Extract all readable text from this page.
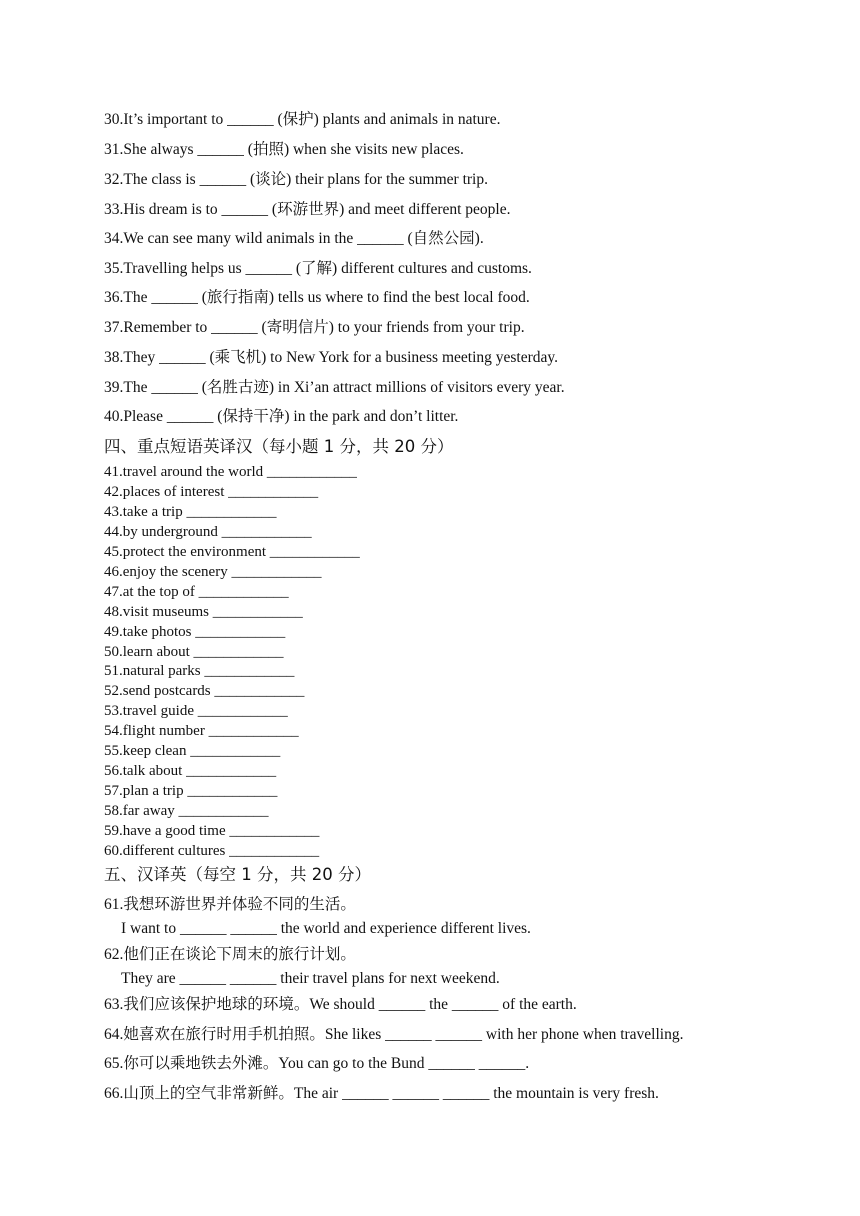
30.It’s important to ______ (保护) plants and animals in nature.
31.She always ______ (拍照) when she visits new places.
32.The class is ______ (谈论) their plans for the summer trip.
33.His dream is to ______ (环游世界) and meet different people.
34.We can see many wild animals in the ______ (自然公园).
35.Travelling helps us ______ (了解) different cultures and customs.
36.The ______ (旅行指南) tells us where to find the best local food.
37.Remember to ______ (寄明信片) to your friends from your trip.
38.They ______ (乘飞机) to New York for a business meeting yesterday.
39.The ______ (名胜古迹) in Xi’an attract millions of visitors every year.
40.Please ______ (保持干净) in the park and don’t litter.
四、重点短语英译汉（每小题 1 分，共 20 分）
41.travel around the world ____________
42.places of interest ____________
43.take a trip ____________
44.by underground ____________
45.protect the environment ____________
46.enjoy the scenery ____________
47.at the top of ____________
48.visit museums ____________
49.take photos ____________
50.learn about ____________
51.natural parks ____________
52.send postcards ____________
53.travel guide ____________
54.flight number ____________
55.keep clean ____________
56.talk about ____________
57.plan a trip ____________
58.far away ____________
59.have a good time ____________
60.different cultures ____________
五、汉译英（每空 1 分，共 20 分）
61.我想环游世界并体验不同的生活。
I want to ______ ______ the world and experience different lives.
62.他们正在谈论下周末的旅行计划。
They are ______ ______ their travel plans for next weekend.
63.我们应该保护地球的环境。We should ______ the ______ of the earth.
64.她喜欢在旅行时用手机拍照。She likes ______ ______ with her phone when travelling.
65.你可以乘地铁去外滩。You can go to the Bund ______ ______.
66.山顶上的空气非常新鲜。The air ______ ______ ______ the mountain is very fresh.
